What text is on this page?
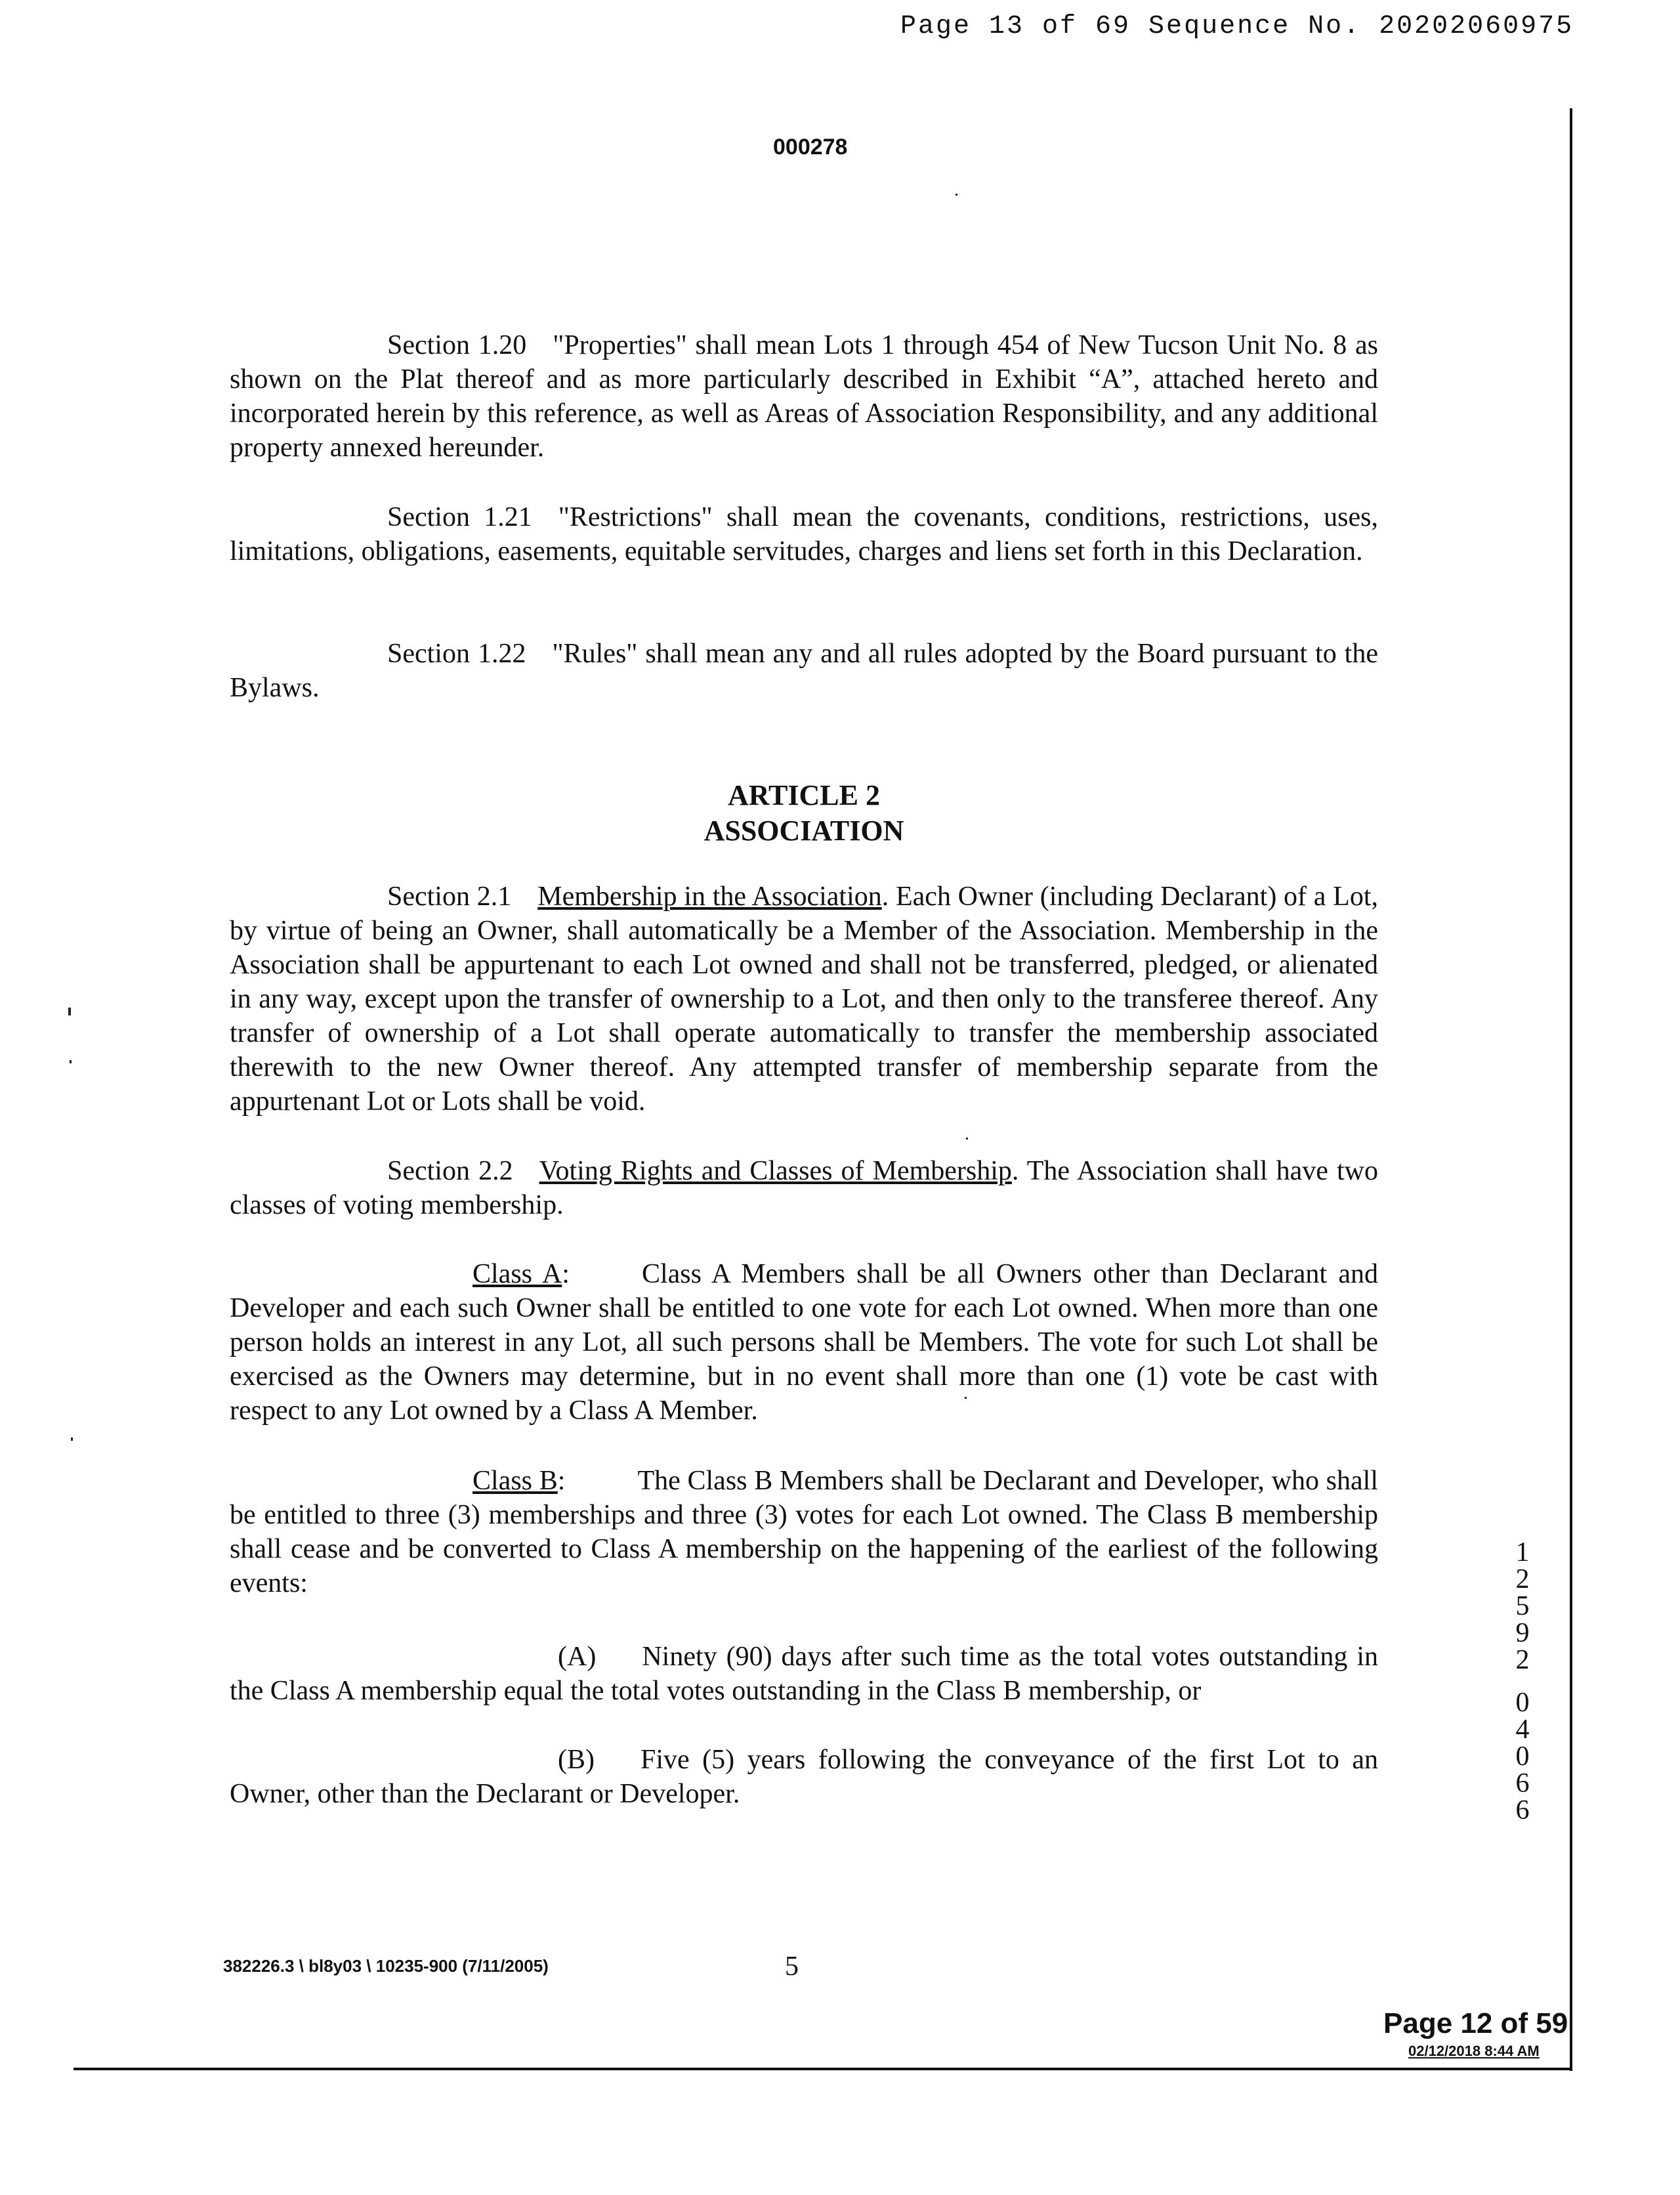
Page 13 of 69 Sequence No. 20202060975
000278

Section 1.20 "Properties" shall mean Lots 1 through 454 of New Tucson Unit No. 8 as shown on the Plat thereof and as more particularly described in Exhibit “A”, attached hereto and incorporated herein by this reference, as well as Areas of Association Responsibility, and any additional property annexed hereunder.

Section 1.21 "Restrictions" shall mean the covenants, conditions, restrictions, uses, limitations, obligations, easements, equitable servitudes, charges and liens set forth in this Declaration.

Section 1.22 "Rules" shall mean any and all rules adopted by the Board pursuant to the Bylaws.

ARTICLE 2
ASSOCIATION

Section 2.1 Membership in the Association. Each Owner (including Declarant) of a Lot, by virtue of being an Owner, shall automatically be a Member of the Association. Membership in the Association shall be appurtenant to each Lot owned and shall not be transferred, pledged, or alienated in any way, except upon the transfer of ownership to a Lot, and then only to the transferee thereof. Any transfer of ownership of a Lot shall operate automatically to transfer the membership associated therewith to the new Owner thereof. Any attempted transfer of membership separate from the appurtenant Lot or Lots shall be void.

Section 2.2 Voting Rights and Classes of Membership. The Association shall have two classes of voting membership.

Class A:	Class A Members shall be all Owners other than Declarant and Developer and each such Owner shall be entitled to one vote for each Lot owned. When more than one person holds an interest in any Lot, all such persons shall be Members. The vote for such Lot shall be exercised as the Owners may determine, but in no event shall more than one (1) vote be cast with respect to any Lot owned by a Class A Member.

Class B:	The Class B Members shall be Declarant and Developer, who shall be entitled to three (3) memberships and three (3) votes for each Lot owned. The Class B membership shall cease and be converted to Class A membership on the happening of the earliest of the following events:

(A) Ninety (90) days after such time as the total votes outstanding in the Class A membership equal the total votes outstanding in the Class B membership, or

(B) Five (5) years following the conveyance of the first Lot to an Owner, other than the Declarant or Developer.

1
2
5
9
2
0
4
0
6
6
382226.3 \ bl8y03 \ 10235-900 (7/11/2005)	5
Page 12 of 59
02/12/2018 8:44 AM
